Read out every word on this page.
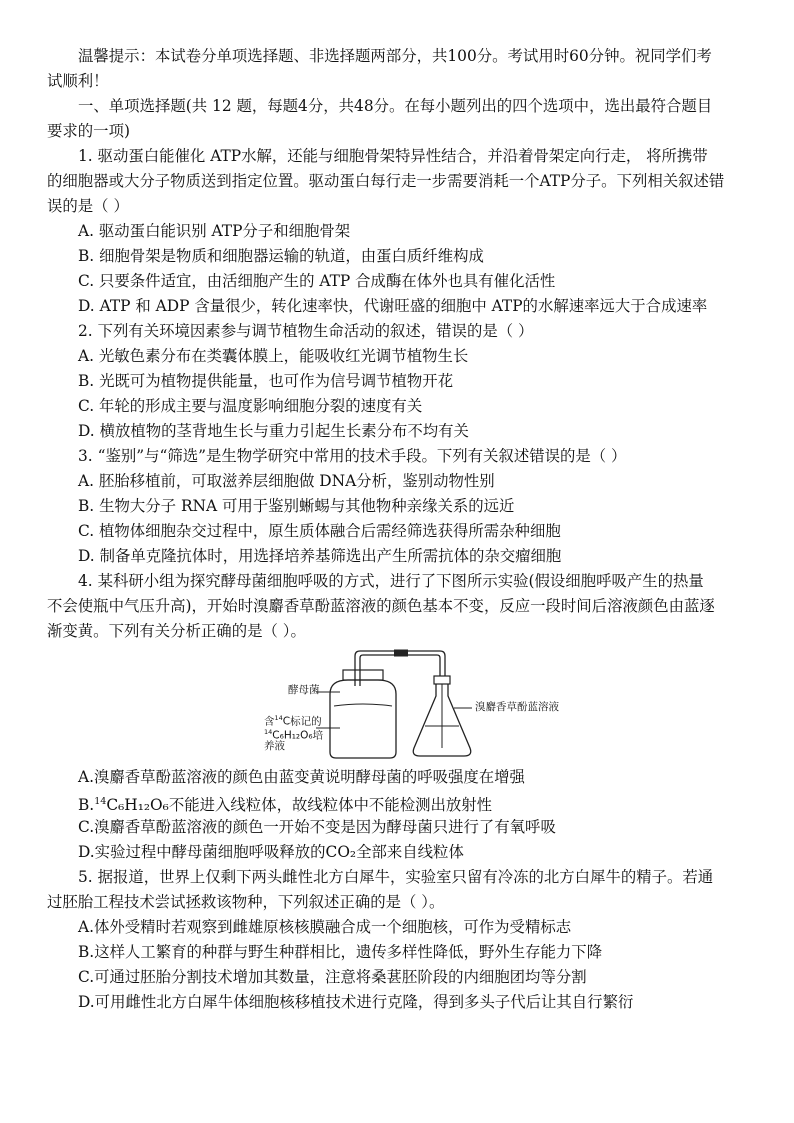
温馨提示：本试卷分单项选择题、非选择题两部分，共100分。考试用时60分钟。祝同学们考
试顺利！
一、单项选择题(共 12 题，每题4分，共48分。在每小题列出的四个选项中，选出最符合题目
要求的一项)
1. 驱动蛋白能催化 ATP水解，还能与细胞骨架特异性结合，并沿着骨架定向行走， 将所携带
的细胞器或大分子物质送到指定位置。驱动蛋白每行走一步需要消耗一个ATP分子。下列相关叙述错
误的是（ ）
A. 驱动蛋白能识别 ATP分子和细胞骨架
B. 细胞骨架是物质和细胞器运输的轨道，由蛋白质纤维构成
C. 只要条件适宜，由活细胞产生的 ATP 合成酶在体外也具有催化活性
D. ATP 和 ADP 含量很少，转化速率快，代谢旺盛的细胞中 ATP的水解速率远大于合成速率
2. 下列有关环境因素参与调节植物生命活动的叙述，错误的是（ ）
A. 光敏色素分布在类囊体膜上，能吸收红光调节植物生长
B. 光既可为植物提供能量，也可作为信号调节植物开花
C. 年轮的形成主要与温度影响细胞分裂的速度有关
D. 横放植物的茎背地生长与重力引起生长素分布不均有关
3. “鉴别”与“筛选”是生物学研究中常用的技术手段。下列有关叙述错误的是（ ）
A. 胚胎移植前，可取滋养层细胞做 DNA分析，鉴别动物性别
B. 生物大分子 RNA 可用于鉴别蜥蜴与其他物种亲缘关系的远近
C. 植物体细胞杂交过程中，原生质体融合后需经筛选获得所需杂种细胞
D. 制备单克隆抗体时，用选择培养基筛选出产生所需抗体的杂交瘤细胞
4. 某科研小组为探究酵母菌细胞呼吸的方式，进行了下图所示实验(假设细胞呼吸产生的热量
不会使瓶中气压升高)，开始时溴麝香草酚蓝溶液的颜色基本不变，反应一段时间后溶液颜色由蓝逐
渐变黄。下列有关分析正确的是（ ）。
酵母菌
含$^{14}$C标记的
$^{14}$C₆H₁₂O₆培
养液
溴麝香草酚蓝溶液
A.溴麝香草酚蓝溶液的颜色由蓝变黄说明酵母菌的呼吸强度在增强
B.$^{14}$C₆H₁₂O₆不能进入线粒体，故线粒体中不能检测出放射性
C.溴麝香草酚蓝溶液的颜色一开始不变是因为酵母菌只进行了有氧呼吸
D.实验过程中酵母菌细胞呼吸释放的CO₂全部来自线粒体
5. 据报道，世界上仅剩下两头雌性北方白犀牛，实验室只留有冷冻的北方白犀牛的精子。若通
过胚胎工程技术尝试拯救该物种，下列叙述正确的是（ ）。
A.体外受精时若观察到雌雄原核核膜融合成一个细胞核，可作为受精标志
B.这样人工繁育的种群与野生种群相比，遗传多样性降低，野外生存能力下降
C.可通过胚胎分割技术增加其数量，注意将桑葚胚阶段的内细胞团均等分割
D.可用雌性北方白犀牛体细胞核移植技术进行克隆，得到多头子代后让其自行繁衍
